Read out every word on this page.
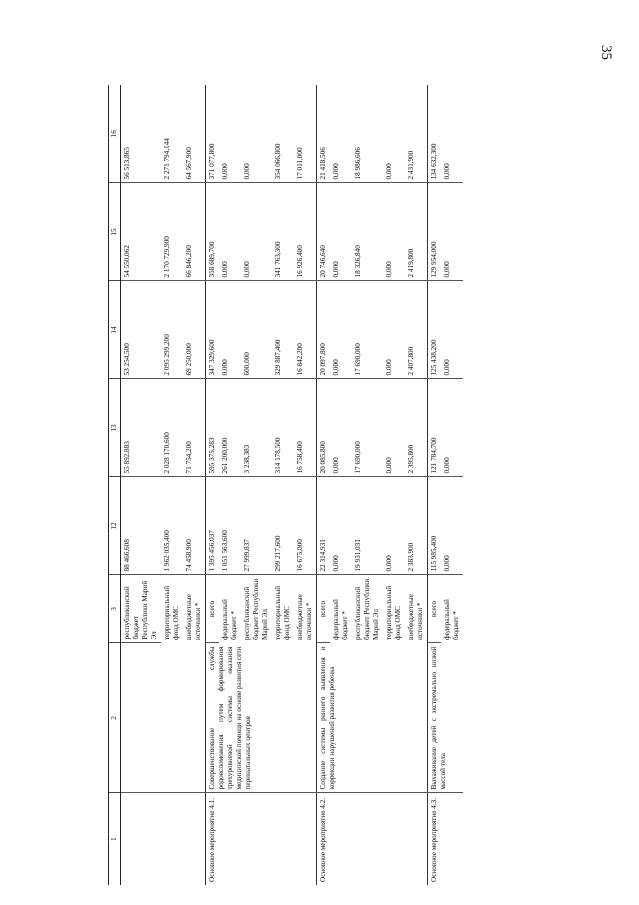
35
1	2	3	12	13	14	15	16
		республиканский бюджет Республики Марий Эл	88 466,608	55 892,883	53 254,500	54 550,062	56 513,865
		территориальный фонд ОМС	1 962 035,400	2 028 170,600	2 095 299,200	2 170 729,900	2 271 794,144
		внебюджетные источники *	74 458,900	71 754,200	69 250,000	66 846,200	64 567,900
Основное мероприятие 4.1.	Совершенствование службы родовспоможения путем формирования трехуровневой системы оказания медицинской помощи на основе развития сети перинатальных центров	всего	1 395 456,037	595 375,283	347 329,600	358 689,700	371 077,800
		федеральный бюджет *	1 051 563,600	261 200,000	0,000	0,000	0,000
		республиканский бюджет Республики Марий Эл	27 999,837	3 238,383	600,000	0,000	0,000
		территориальный фонд ОМС	299 217,600	314 178,500	329 887,400	341 763,300	354 066,800
		внебюджетные источники *	16 675,000	16 758,400	16 842,200	16 926,400	17 011,000
Основное мероприятие 4.2.	Создание системы раннего выявления и коррекции нарушений развития ребенка	всего	22 314,931	20 085,800	20 097,800	20 746,640	21 418,506
		федеральный бюджет *	0,000	0,000	0,000	0,000	0,000
		республиканский бюджет Республики Марий Эл	19 931,031	17 690,000	17 690,000	18 326,840	18 986,606
		территориальный фонд ОМС	0,000	0,000	0,000	0,000	0,000
		внебюджетные источники *	2 383,900	2 395,800	2 407,800	2 419,800	2 431,900
Основное мероприятие 4.3.	Выхаживание детей с экстремально низкой массой тела	всего	115 985,400	121 784,700	125 438,200	129 954,000	134 632,300
		федеральный бюджет *	0,000	0,000	0,000	0,000	0,000
